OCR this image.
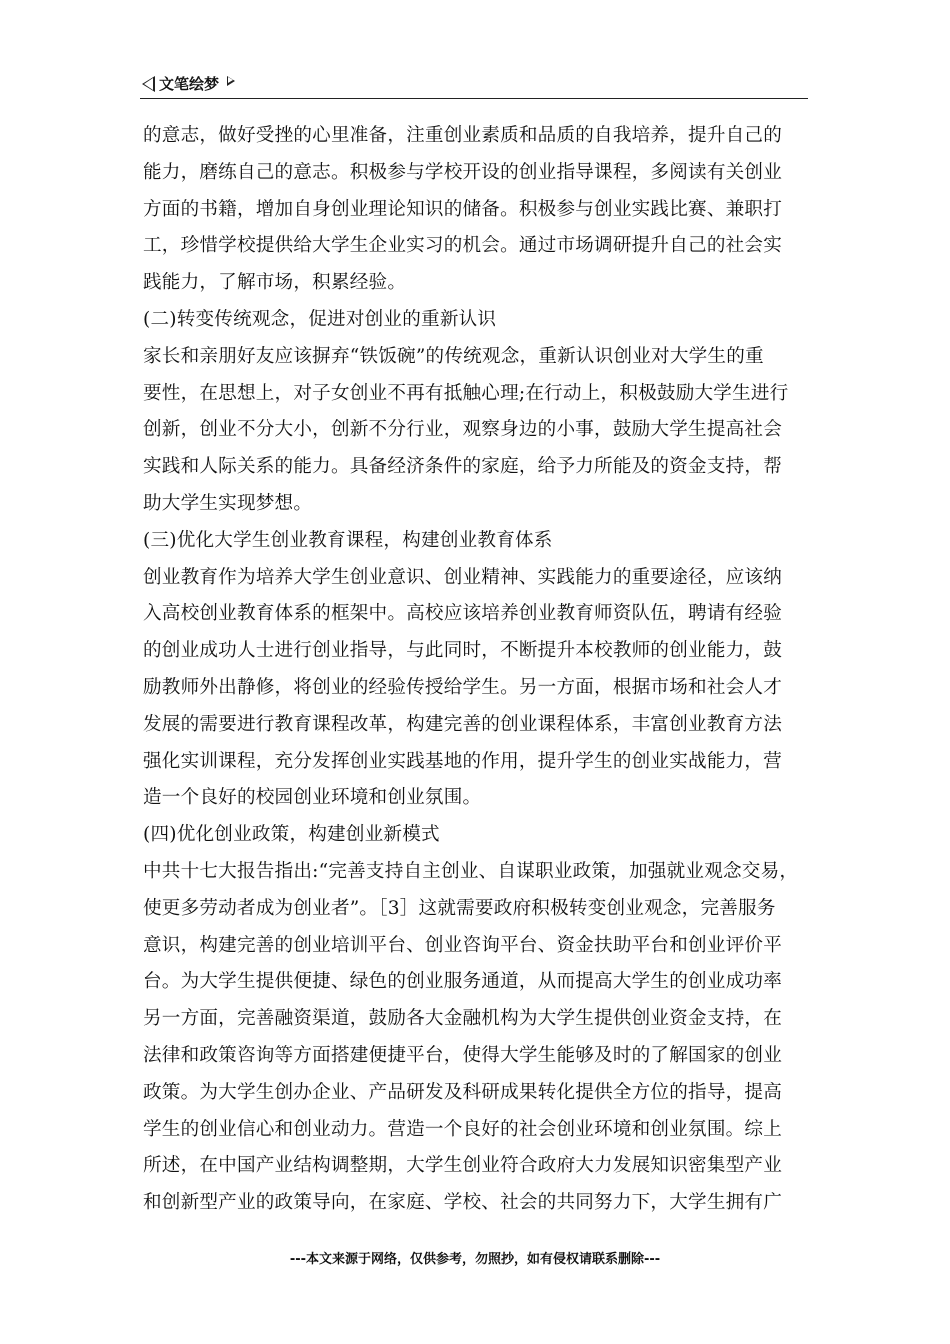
文笔绘梦
的意志，做好受挫的心里准备，注重创业素质和品质的自我培养，提升自己的
能力，磨练自己的意志。积极参与学校开设的创业指导课程，多阅读有关创业
方面的书籍，增加自身创业理论知识的储备。积极参与创业实践比赛、兼职打
工，珍惜学校提供给大学生企业实习的机会。通过市场调研提升自己的社会实
践能力，了解市场，积累经验。
(二)转变传统观念，促进对创业的重新认识
家长和亲朋好友应该摒弃“铁饭碗”的传统观念，重新认识创业对大学生的重
要性，在思想上，对子女创业不再有抵触心理;在行动上，积极鼓励大学生进行
创新，创业不分大小，创新不分行业，观察身边的小事，鼓励大学生提高社会
实践和人际关系的能力。具备经济条件的家庭，给予力所能及的资金支持，帮
助大学生实现梦想。
(三)优化大学生创业教育课程，构建创业教育体系
创业教育作为培养大学生创业意识、创业精神、实践能力的重要途径，应该纳
入高校创业教育体系的框架中。高校应该培养创业教育师资队伍，聘请有经验
的创业成功人士进行创业指导，与此同时，不断提升本校教师的创业能力，鼓
励教师外出静修，将创业的经验传授给学生。另一方面，根据市场和社会人才
发展的需要进行教育课程改革，构建完善的创业课程体系，丰富创业教育方法
强化实训课程，充分发挥创业实践基地的作用，提升学生的创业实战能力，营
造一个良好的校园创业环境和创业氛围。
(四)优化创业政策，构建创业新模式
中共十七大报告指出:“完善支持自主创业、自谋职业政策，加强就业观念交易，
使更多劳动者成为创业者”。［3］这就需要政府积极转变创业观念，完善服务
意识，构建完善的创业培训平台、创业咨询平台、资金扶助平台和创业评价平
台。为大学生提供便捷、绿色的创业服务通道，从而提高大学生的创业成功率
另一方面，完善融资渠道，鼓励各大金融机构为大学生提供创业资金支持，在
法律和政策咨询等方面搭建便捷平台，使得大学生能够及时的了解国家的创业
政策。为大学生创办企业、产品研发及科研成果转化提供全方位的指导，提高
学生的创业信心和创业动力。营造一个良好的社会创业环境和创业氛围。综上
所述，在中国产业结构调整期，大学生创业符合政府大力发展知识密集型产业
和创新型产业的政策导向，在家庭、学校、社会的共同努力下，大学生拥有广
---本文来源于网络，仅供参考，勿照抄，如有侵权请联系删除---
